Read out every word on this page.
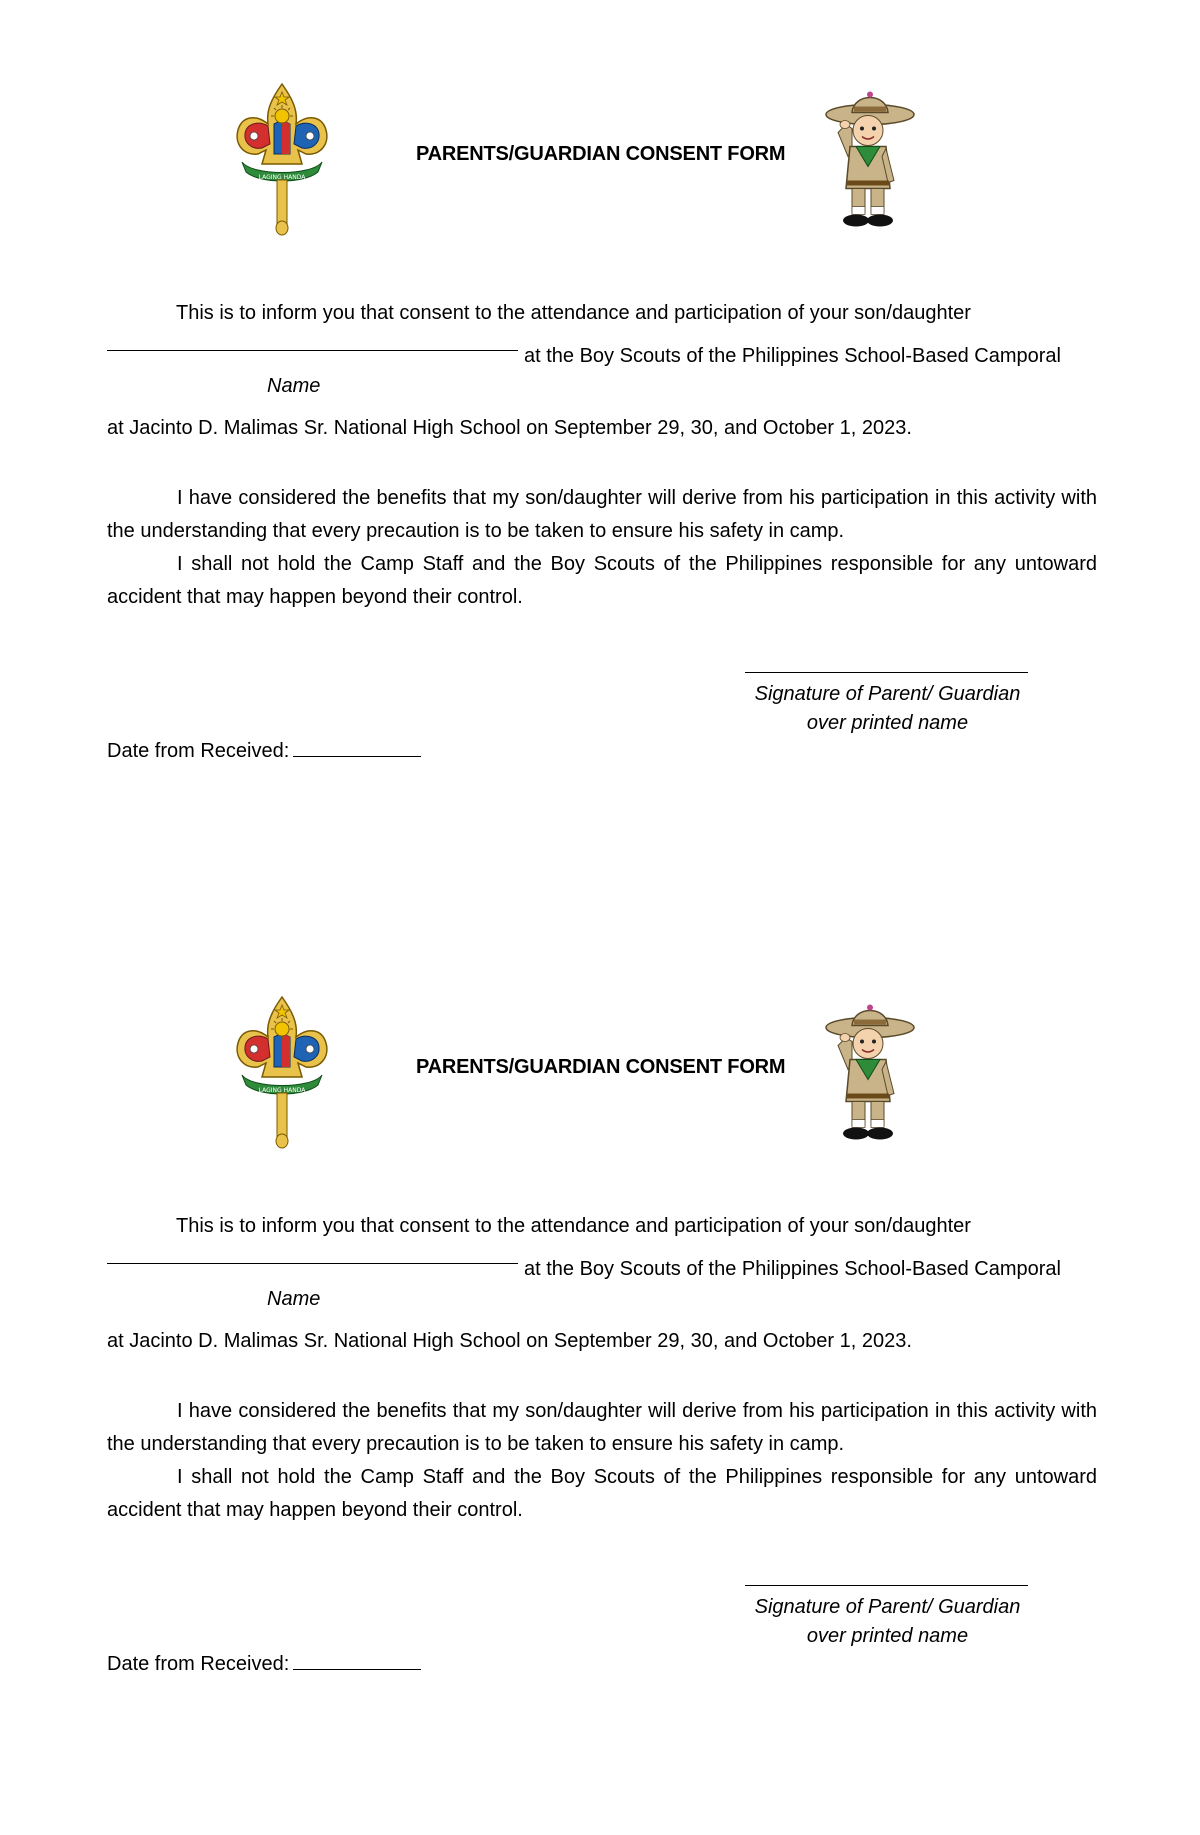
PARENTS/GUARDIAN CONSENT FORM
This is to inform you that consent to the attendance and participation of your son/daughter
at the Boy Scouts of the Philippines School-Based Camporal
Name
at Jacinto D. Malimas Sr. National High School on September 29, 30, and October 1, 2023.
I have considered the benefits that my son/daughter will derive from his participation in this activity with the understanding that every precaution is to be taken to ensure his safety in camp.
I shall not hold the Camp Staff and the Boy Scouts of the Philippines responsible for any untoward accident that may happen beyond their control.
Signature of Parent/ Guardian
over printed name
Date from Received:
PARENTS/GUARDIAN CONSENT FORM
This is to inform you that consent to the attendance and participation of your son/daughter
at the Boy Scouts of the Philippines School-Based Camporal
Name
at Jacinto D. Malimas Sr. National High School on September 29, 30, and October 1, 2023.
I have considered the benefits that my son/daughter will derive from his participation in this activity with the understanding that every precaution is to be taken to ensure his safety in camp.
I shall not hold the Camp Staff and the Boy Scouts of the Philippines responsible for any untoward accident that may happen beyond their control.
Signature of Parent/ Guardian
over printed name
Date from Received:
